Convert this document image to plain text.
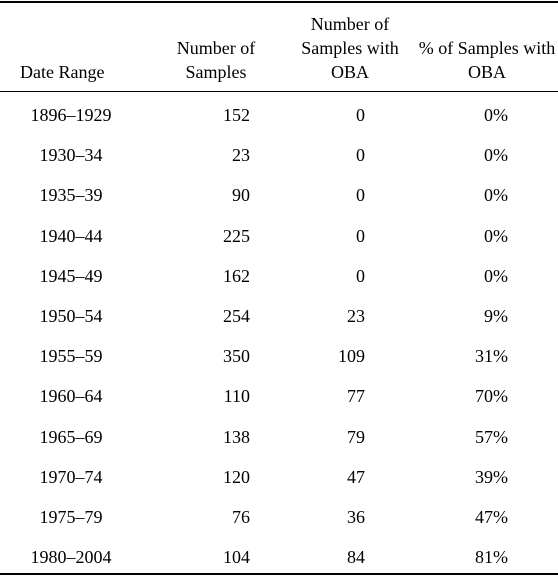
Date Range	Number of Samples	Number of Samples with OBA	% of Samples with OBA
1896–1929	152	0	0%
1930–34	23	0	0%
1935–39	90	0	0%
1940–44	225	0	0%
1945–49	162	0	0%
1950–54	254	23	9%
1955–59	350	109	31%
1960–64	110	77	70%
1965–69	138	79	57%
1970–74	120	47	39%
1975–79	76	36	47%
1980–2004	104	84	81%
